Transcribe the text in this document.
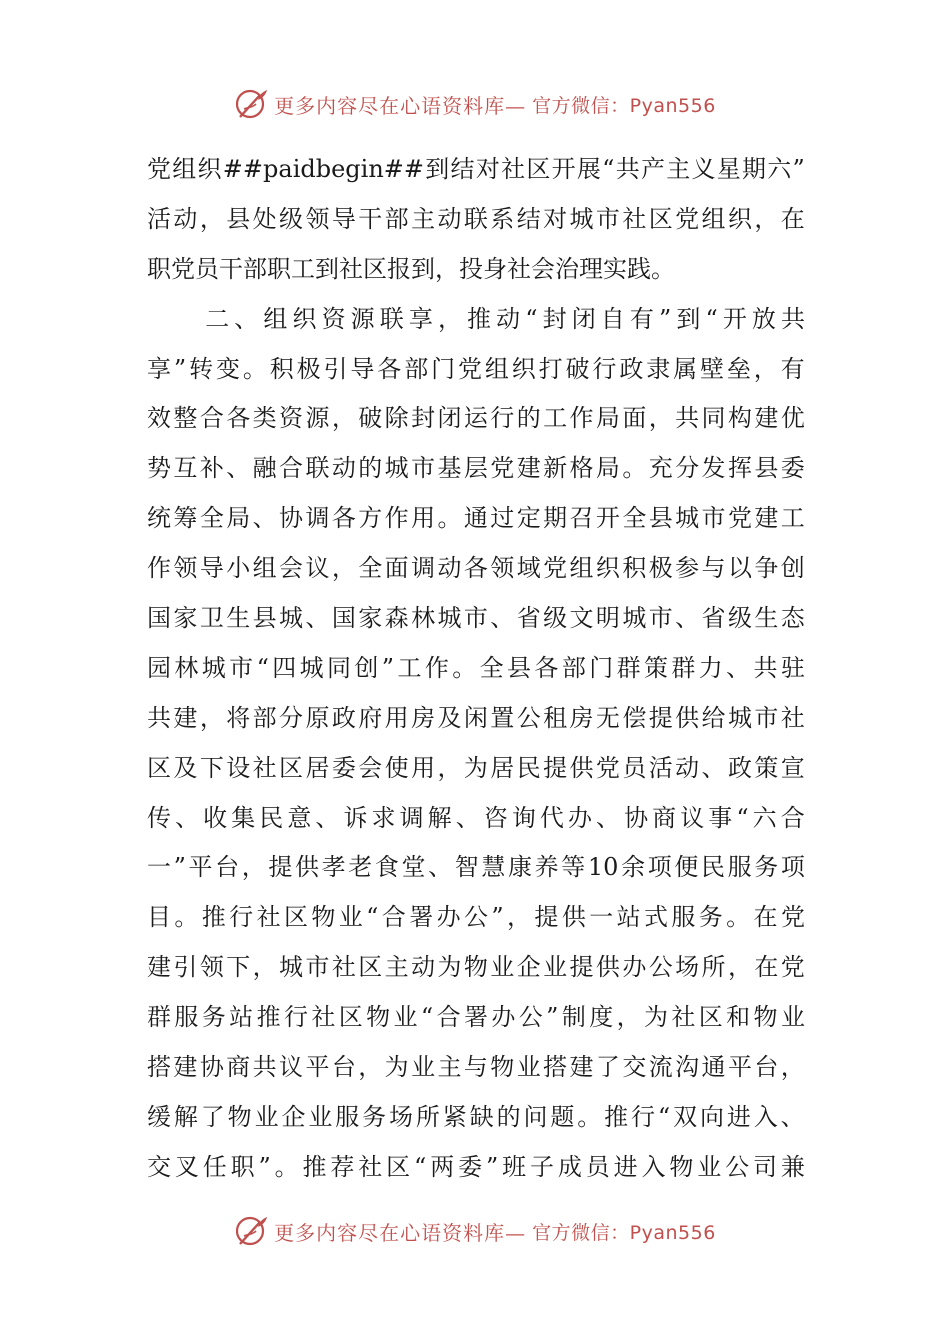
更多内容尽在心语资料库— 官方微信：Pyan556
党 组 织 ##paidbegin## 到 结 对 社 区 开 展 “ 共 产 主 义 星 期 六 ”
活 动 ， 县 处 级 领 导 干 部 主 动 联 系 结 对 城 市 社 区 党 组 织 ， 在
职 党 员 干 部 职 工 到 社 区 报 到 ， 投 身 社 会 治 理 实 践 。

二 、 组 织 资 源 联 享 ， 推 动 “ 封 闭 自 有 ” 到 “ 开 放 共
享 ” 转 变 。 积 极 引 导 各 部 门 党 组 织 打 破 行 政 隶 属 壁 垒 ， 有
效 整 合 各 类 资 源 ， 破 除 封 闭 运 行 的 工 作 局 面 ， 共 同 构 建 优
势 互 补 、 融 合 联 动 的 城 市 基 层 党 建 新 格 局 。 充 分 发 挥 县 委
统 筹 全 局 、 协 调 各 方 作 用 。 通 过 定 期 召 开 全 县 城 市 党 建 工
作 领 导 小 组 会 议 ， 全 面 调 动 各 领 域 党 组 织 积 极 参 与 以 争 创
国 家 卫 生 县 城 、 国 家 森 林 城 市 、 省 级 文 明 城 市 、 省 级 生 态
园 林 城 市 “ 四 城 同 创 ” 工 作 。 全 县 各 部 门 群 策 群 力 、 共 驻
共 建 ， 将 部 分 原 政 府 用 房 及 闲 置 公 租 房 无 偿 提 供 给 城 市 社
区 及 下 设 社 区 居 委 会 使 用 ， 为 居 民 提 供 党 员 活 动 、 政 策 宣
传 、 收 集 民 意 、 诉 求 调 解 、 咨 询 代 办 、 协 商 议 事 “ 六 合
一 ” 平 台 ， 提 供 孝 老 食 堂 、 智 慧 康 养 等 10 余 项 便 民 服 务 项
目 。 推 行 社 区 物 业 “ 合 署 办 公 ” ， 提 供 一 站 式 服 务 。 在 党
建 引 领 下 ， 城 市 社 区 主 动 为 物 业 企 业 提 供 办 公 场 所 ， 在 党
群 服 务 站 推 行 社 区 物 业 “ 合 署 办 公 ” 制 度 ， 为 社 区 和 物 业
搭 建 协 商 共 议 平 台 ， 为 业 主 与 物 业 搭 建 了 交 流 沟 通 平 台 ，
缓 解 了 物 业 企 业 服 务 场 所 紧 缺 的 问 题 。 推 行 “ 双 向 进 入 、
交 叉 任 职 ” 。 推 荐 社 区 “ 两 委 ” 班 子 成 员 进 入 物 业 公 司 兼
更多内容尽在心语资料库— 官方微信：Pyan556
